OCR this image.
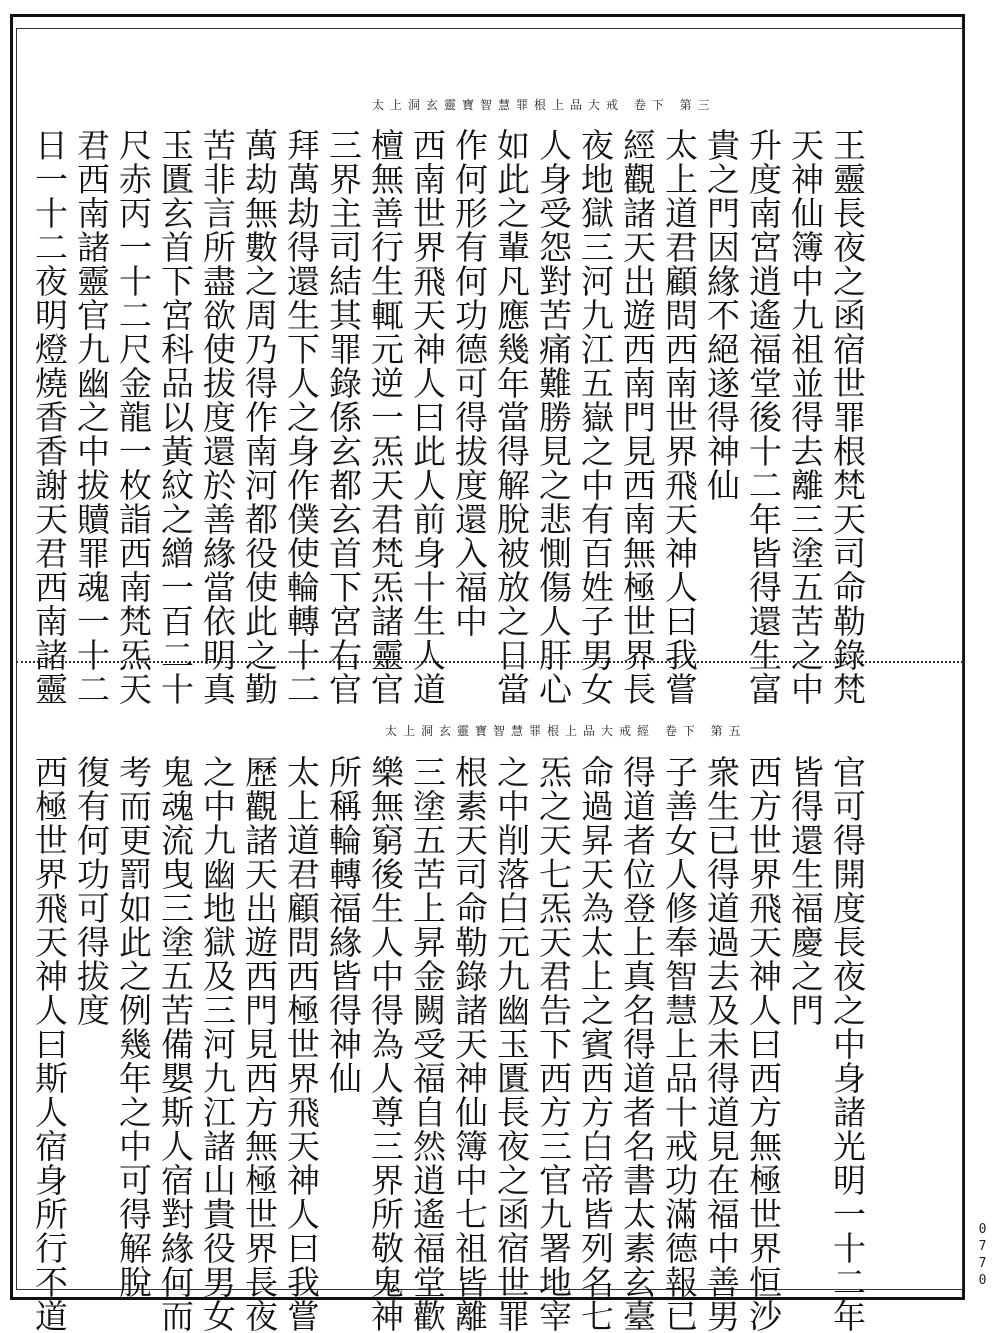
太上洞玄靈寶智慧罪根上品大戒 卷下 第三
王靈長夜之函宿世罪根梵天司命勒錄梵
天神仙簿中九祖並得去離三塗五苦之中
升度南宮逍遙福堂後十二年皆得還生富
貴之門因緣不絕遂得神仙
太上道君顧問西南世界飛天神人曰我嘗
經觀諸天出遊西南門見西南無極世界長
夜地獄三河九江五嶽之中有百姓子男女
人身受怨對苦痛難勝見之悲惻傷人肝心
如此之輩凡應幾年當得解脫被放之日當
作何形有何功德可得拔度還入福中
西南世界飛天神人曰此人前身十生人道
檀無善行生輒元逆一炁天君梵炁諸靈官
三界主司結其罪錄係玄都玄首下宮右官
拜萬劫得還生下人之身作僕使輪轉十二
萬劫無數之周乃得作南河都役使此之勤
苦非言所盡欲使拔度還於善緣當依明真
玉匱玄首下宮科品以黃紋之繒一百二十
尺赤丙一十二尺金龍一枚詣西南梵炁天
君西南諸靈官九幽之中拔贖罪魂一十二
日一十二夜明燈燒香香謝天君西南諸靈
太上洞玄靈寶智慧罪根上品大戒經 卷下 第五
官可得開度長夜之中身諸光明一十二年
皆得還生福慶之門
西方世界飛天神人曰西方無極世界恒沙
衆生已得道過去及未得道見在福中善男
子善女人修奉智慧上品十戒功滿德報已
得道者位登上真名得道者名書太素玄臺
命過昇天為太上之賓西方白帝皆列名七
炁之天七炁天君告下西方三官九署地宰
之中削落白元九幽玉匱長夜之函宿世罪
根素天司命勒錄諸天神仙簿中七祖皆離
三塗五苦上昇金闕受福自然逍遙福堂歡
樂無窮後生人中得為人尊三界所敬鬼神
所稱輪轉福緣皆得神仙
太上道君顧問西極世界飛天神人曰我嘗
歷觀諸天出遊西門見西方無極世界長夜
之中九幽地獄及三河九江諸山貴役男女
鬼魂流曳三塗五苦備嬰斯人宿對緣何而
考而更罰如此之例幾年之中可得解脫
復有何功可得拔度
西極世界飛天神人曰斯人宿身所行不道	0770
